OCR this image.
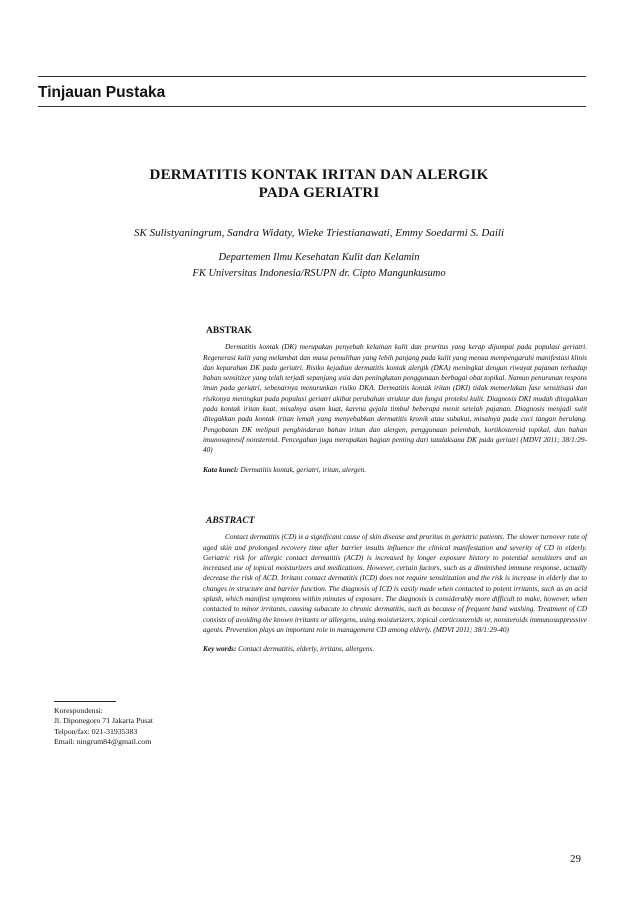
Tinjauan Pustaka
DERMATITIS KONTAK IRITAN DAN ALERGIK
PADA GERIATRI
SK Sulistyaningrum, Sandra Widaty, Wieke Triestianawati, Emmy Soedarmi S. Daili
Departemen Ilmu Kesehatan Kulit dan Kelamin
FK Universitas Indonesia/RSUPN dr. Cipto Mangunkusumo
ABSTRAK
Dermatitis kontak (DK) merupakan penyebab kelainan kulit dan pruritus yang kerap dijumpai pada populasi geriatri. Regenerasi kulit yang melambat dan masa pemulihan yang lebih panjang pada kulit yang menua mempengaruhi manifestasi klinis dan keparahan DK pada geriatri. Risiko kejadian dermatitis kontak alergik (DKA) meningkat dengan riwayat pajanan terhadap bahan sensitizer yang telah terjadi sepanjang usia dan peningkatan penggunaan berbagai obat topikal. Namun penurunan respons imun pada geriatri, sebenarnya menurunkan risiko DKA. Dermatitis kontak iritan (DKI) tidak memerlukan fase sensitisasi dan risikonya meningkat pada populasi geriatri akibat perubahan struktur dan fungsi proteksi kulit. Diagnosis DKI mudah ditegakkan pada kontak iritan kuat, misalnya asam kuat, karena gejala timbul beberapa menit setelah pajanan. Diagnosis menjadi sulit ditegakkan pada kontak iritan lemah yang menyebabkan dermatitis kronik atau subakut, misalnya pada cuci tangan berulang. Pengobatan DK meliputi penghindaran bahan iritan dan alergen, penggunaan pelembab, kortikosteroid topikal, dan bahan imunosupresif nonsteroid. Pencegahan juga merupakan bagian penting dari tatalaksana DK pada geriatri (MDVI 2011; 38/1:29-40)
Kata kunci: Dermatitis kontak, geriatri, iritan, alergen.
ABSTRACT
Contact dermatitis (CD) is a significant cause of skin disease and pruritus in geriatric patients. The slower turnover rate of aged skin and prolonged recovery time after barrier insults influence the clinical manifestation and severity of CD in elderly. Geriatric risk for allergic contact dermatitis (ACD) is increased by longer exposure history to potential sensitizers and an increased use of topical moisturizers and medications. However, certain factors, such as a diminished immune response, actually decrease the risk of ACD. Irritant contact dermatitis (ICD) does not require sensitization and the risk is increase in elderly due to changes in structure and barrier function. The diagnosis of ICD is easily made when contacted to potent irritants, such as an acid splash, which manifest symptoms within minutes of exposure. The diagnosis is considerably more difficult to make, however, when contacted to minor irritants, causing subacute to chronic dermatitis, such as because of frequent hand washing. Treatment of CD consists of avoiding the known irritants or allergens, using moisturizers, topical corticosteroids or, nonsteroids immunosuppressive agents. Prevention plays an important role in management CD among elderly. (MDVI 2011; 38/1:29-40)
Key words: Contact dermatitis, elderly, irritans, allergens.
Korespondensi:
Jl. Diponegoro 71 Jakarta Pusat
Telpon/fax: 021-31935383
Email: ningrum84@gmail.com
29
